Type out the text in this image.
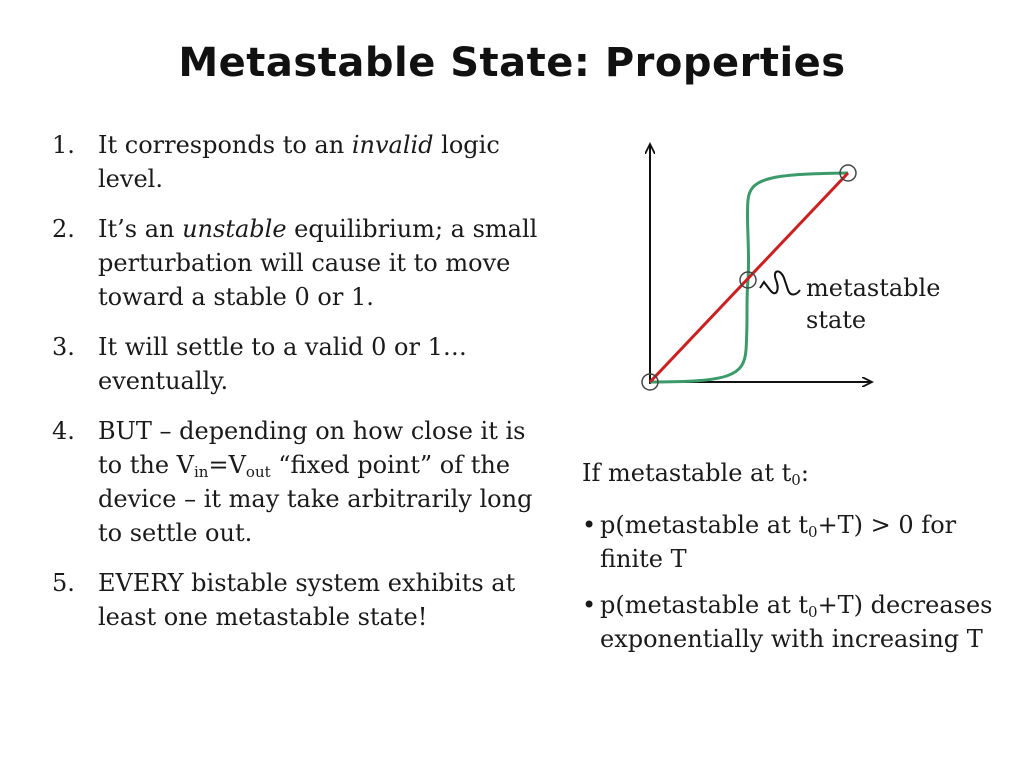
Metastable State: Properties
1. It corresponds to an invalid logic level.
2. It’s an unstable equilibrium; a small perturbation will cause it to move toward a stable 0 or 1.
3. It will settle to a valid 0 or 1… eventually.
4. BUT – depending on how close it is to the $V_{in}=V_{out}$ “fixed point” of the device – it may take arbitrarily long to settle out.
5. EVERY bistable system exhibits at least one metastable state!
metastable
state
If metastable at $t_0$:
• p(metastable at $t_0+T) > 0$ for finite T
• p(metastable at $t_0+T$) decreases exponentially with increasing T
